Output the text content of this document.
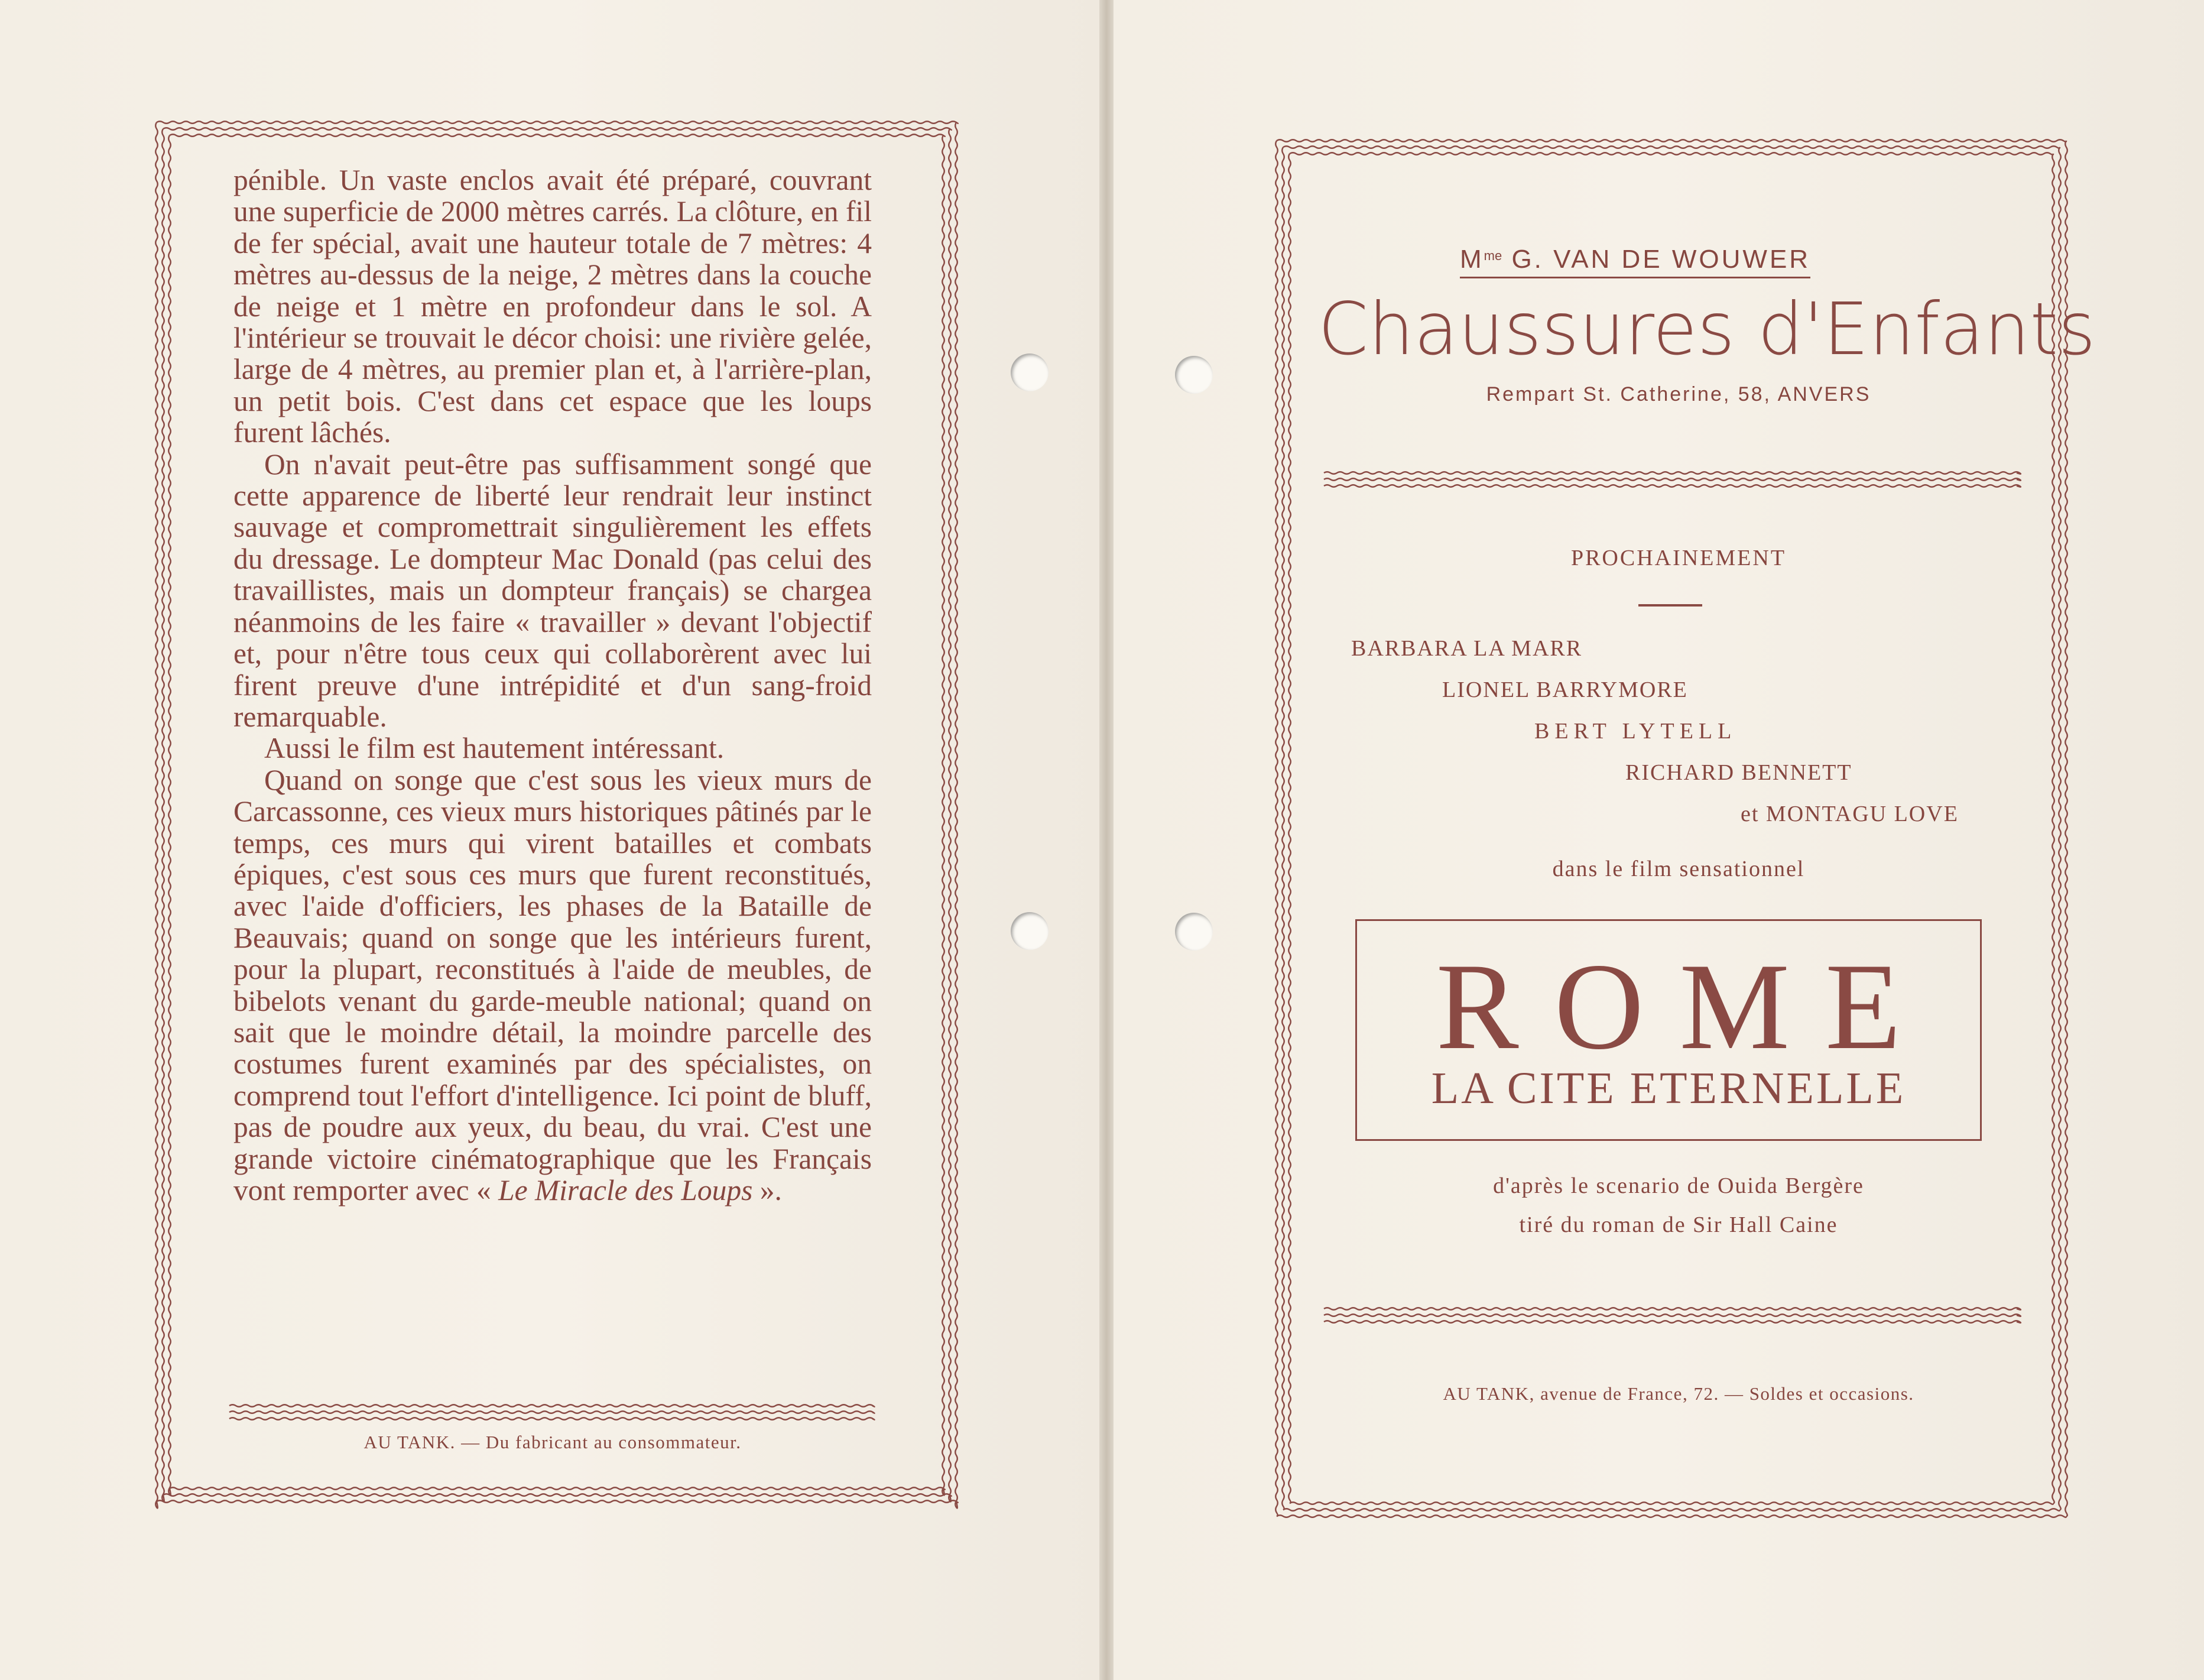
pénible. Un vaste enclos avait été préparé, couvrant une superficie de 2000 mètres carrés. La clôture, en fil de fer spécial, avait une hauteur totale de 7 mètres: 4 mètres au-dessus de la neige, 2 mètres dans la couche de neige et 1 mètre en profondeur dans le sol. A l'intérieur se trouvait le décor choisi: une rivière gelée, large de 4 mètres, au premier plan et, à l'arrière-plan, un petit bois. C'est dans cet espace que les loups furent lâchés.

On n'avait peut-être pas suffisamment songé que cette apparence de liberté leur rendrait leur instinct sauvage et compromettrait singulièrement les effets du dressage. Le dompteur Mac Donald (pas celui des travaillistes, mais un dompteur français) se chargea néanmoins de les faire « travailler » devant l'objectif et, pour n'être tous ceux qui collaborèrent avec lui firent preuve d'une intrépidité et d'un sang-froid remarquable.

Aussi le film est hautement intéressant.

Quand on songe que c'est sous les vieux murs de Carcassonne, ces vieux murs historiques pâtinés par le temps, ces murs qui virent batailles et combats épiques, c'est sous ces murs que furent reconstitués, avec l'aide d'officiers, les phases de la Bataille de Beauvais; quand on songe que les intérieurs furent, pour la plupart, reconstitués à l'aide de meubles, de bibelots venant du garde-meuble national; quand on sait que le moindre détail, la moindre parcelle des costumes furent examinés par des spécialistes, on comprend tout l'effort d'intelligence. Ici point de bluff, pas de poudre aux yeux, du beau, du vrai. C'est une grande victoire cinématographique que les Français vont remporter avec « Le Miracle des Loups ».

AU TANK. — Du fabricant au consommateur.
$M^{me}$ G. VAN DE WOUWER
Chaussures d'Enfants
Rempart St. Catherine, 58, ANVERS
PROCHAINEMENT
BARBARA LA MARR
LIONEL BARRYMORE
BERT LYTELL
RICHARD BENNETT
et MONTAGU LOVE
dans le film sensationnel
ROME
LA CITE ETERNELLE
d'après le scenario de Ouida Bergère
tiré du roman de Sir Hall Caine
AU TANK, avenue de France, 72. — Soldes et occasions.
